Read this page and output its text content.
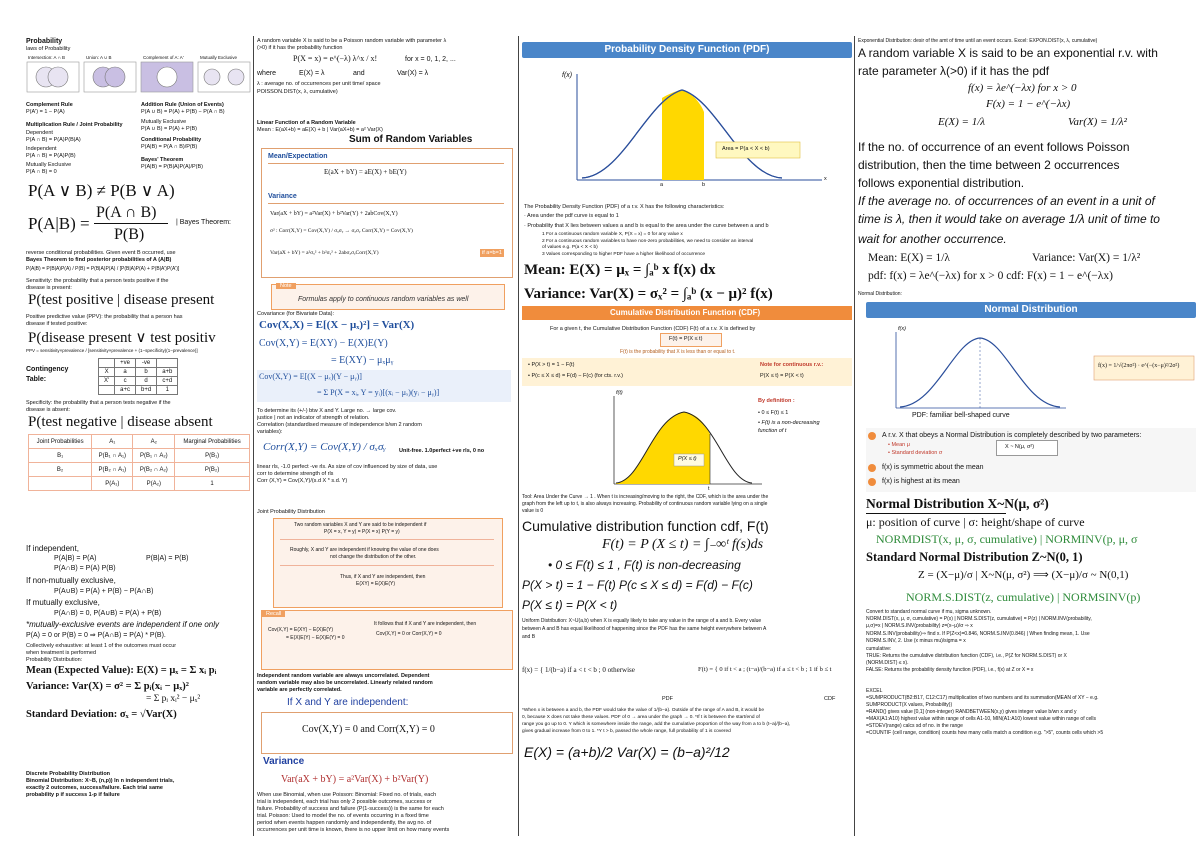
Probability
laws of Probability
Intersection: A ∩ B	Union: A ∪ B	Complement of A: A'	Mutually Exclusive
Complement Rule
P(A') = 1 − P(A)
Multiplication Rule / Joint Probability
Dependent
P(A ∩ B) = P(A)P(B|A)
Independent
P(A ∩ B) = P(A)P(B)
Mutually Exclusive
P(A ∩ B) = 0
Addition Rule (Union of Events)
P(A ∪ B) = P(A) + P(B) − P(A ∩ B)
Mutually Exclusive
P(A ∪ B) = P(A) + P(B)
Conditional Probability
P(A|B) = P(A ∩ B)/P(B)
Bayes' Theorem
P(A|B) = P(B|A)P(A)/P(B)
P(A ∨ B) ≠ P(B ∨ A)
P(A|B) =
P(A ∩ B)
P(B)
| Bayes Theorem:
reverse conditional probabilities. Given event B occurred, use
Bayes Theorem to find posterior probabilities of A (A|B)
P(A|B) = P(B|A)P(A) / P(B) = P(B|A)P(A) / [P(B|A)P(A) + P(B|A')P(A')]
Sensitivity: the probability that a person tests positive if the
disease is present:
P(test positive | disease present
Positive predictive value (PPV): the probability that a person has
disease if tested positive:
P(disease present ∨ test positiv
PPV = sensitivity×prevalence / [sensitivity×prevalence + (1−specificity)(1−prevalence)]
Contingency
Table:
	+ve	-ve	
X	a	b	a+b
X'	c	d	c+d
	a+c	b+d	1
Specificity: the probability that a person tests negative if the
disease is absent:
P(test negative | disease absent
Joint Probabilities	A₁	A₂	Marginal Probabilities
B₁	P(B₁ ∩ A₁)	P(B₁ ∩ A₂)	P(B₁)
B₂	P(B₂ ∩ A₁)	P(B₂ ∩ A₂)	P(B₂)
	P(A₁)	P(A₂)	1
If independent,
P(A|B) = P(A)	P(B|A) = P(B)
P(A∩B) = P(A) P(B)
If non-mutually exclusive,
P(A∪B) = P(A) + P(B) − P(A∩B)
If mutually exclusive,
P(A∩B) = 0, P(A∪B) = P(A) + P(B)
*mutually-exclusive events are independent if one only
P(A) = 0 or P(B) = 0 ⇒ P(A∩B) = P(A) * P(B).
Collectively exhaustive: at least 1 of the outcomes must occur
when treatment is performed
Probability Distribution:
Mean (Expected Value): E(X) = μₓ = Σ xᵢ pᵢ
Variance: Var(X) = σ² = Σ pᵢ(xᵢ − μₓ)²
= Σ pᵢ xᵢ² − μₓ²
Standard Deviation: σₓ = √Var(X)
Discrete Probability Distribution
Binomial Distribution: X~B, (n,p)) In n independent trials,
exactly 2 outcomes, success/failure. Each trial same
probability p if success 1-p if failure
A random variable X is said to be a Poisson random variable with parameter λ
(>0) if it has the probability function
P(X = x) = e^(−λ) λ^x / x!	for x = 0, 1, 2, ...
where	E(X) = λ	and	Var(X) = λ
λ : average no. of occurrences per unit time/ space
POISSON.DIST(x, λ, cumulative)
Linear Function of a Random Variable
Mean : E(aX+b) = aE(X) + b | Var(aX+b) = a² Var(X)
Sum of Random Variables
Mean/Expectation
E(aX + bY) = aE(X) + bE(Y)
Variance
Var(aX + bY) = a²Var(X) + b²Var(Y) + 2abCov(X,Y)
σ² : Corr(X,Y) = Cov(X,Y) / σₓσᵧ → σₓσᵧ Corr(X,Y) = Cov(X,Y)
Var(aX + bY) = a²σₓ² + b²σᵧ² + 2abσₓσᵧCorr(X,Y)	if a=b=1
Note
Formulas apply to continuous random variables as well
Covariance (for Bivariate Data):
Cov(X,X) = E[(X − μₓ)²] = Var(X)
Cov(X,Y) = E(XY) − E(X)E(Y)
= E(XY) − μₓμᵧ
Cov(X,Y) = E[(X − μₓ)(Y − μᵧ)]
= Σ P(X = xᵢ, Y = yᵢ)[(xᵢ − μₓ)(yᵢ − μᵧ)]
To determine its (+/-) btw X and Y. Large no. → large cov.
justice | not an indicator of strength of relation.
Correlation (standardised measure of independence b/wn 2 random
variables):
Corr(X,Y) = Cov(X,Y) / σₓσᵧ Unit-free. 1.0perfect +ve rls, 0 no
linear rls, -1.0 perfect -ve rls. As size of cov influenced by size of data, use
corr to determine strength of rls
Corr (X,Y) = Cov(X,Y)/(s.d X * s.d. Y)
Joint Probability Distribution
Two random variables X and Y are said to be independent if
P(X = x, Y = y) = P(X = x) P(Y = y)
Roughly, X and Y are independent if knowing the value of one does
not change the distribution of the other.
Thus, if X and Y are independent, then
E(XY) = E(X)E(Y)
Recall
Cov(X,Y) = E(XY) − E(X)E(Y)
= E(X)E(Y) − E(X)E(Y) = 0
It follows that if X and Y are independent, then
Cov(X,Y) = 0 or Corr(X,Y) = 0
Independent random variable are always uncorrelated. Dependent
random variable may also be uncorrelated. Linearly related random
variable are perfectly correlated.
If X and Y are independent:
Cov(X,Y) = 0 and Corr(X,Y) = 0
Variance
Var(aX + bY) = a²Var(X) + b²Var(Y)
When use Binomial, when use Poisson: Binomial: Fixed no. of trials, each
trial is independent, each trial has only 2 possible outcomes, success or
failure. Probability of success and failure (P(1-success)) is the same for each
trial. Poisson: Used to model the no. of events occurring in a fixed time
period when events happen randomly and independently, the avg no. of
occurrences per unit time is known, there is no upper limit on how many events
Probability Density Function (PDF)
f(x)
Area = P(a < X < b)
a	b
x
The Probability Density Function (PDF) of a r.v. X has the following characteristics:
· Area under the pdf curve is equal to 1
· Probability that X lies between values a and b is equal to the area under the curve between a and b
1 For a continuous random variable X, P(X = x) = 0 for any value x
2 For a continuous random variables to have non-zero probabilities, we need to consider an interval
of values e.g. P(a < X < b)
3 Values corresponding to higher PDF have a higher likelihood of occurrence
Mean: E(X) = μₓ = ∫ₐᵇ x f(x) dx
Variance: Var(X) = σₓ² = ∫ₐᵇ (x − μ)² f(x)
Cumulative Distribution Function (CDF)
For a given t, the Cumulative Distribution Function (CDF) F(t) of a r.v. X is defined by
F(t) = P(X ≤ t)
F(t) is the probability that X is less than or equal to t.
• P(X > t) = 1 − F(t)
• P(c ≤ X ≤ d) = F(d) − F(c) (for cts. r.v.)
Note for continuous r.v.:
P(X ≤ t) = P(X < t)
f(t)
P(X ≤ t)
t
By definition :
• 0 ≤ F(t) ≤ 1
• F(t) is a non-decreasing
function of t
Tool: Area Under the Curve → 1 . When t is increasing/moving to the right, the CDF, which is the area under the
graph from the left up to t, is also always increasing. Probability of continuous random variable lying on a single
value is 0
Cumulative distribution function cdf, F(t)
F(t) = P (X ≤ t) = ∫₋∞ᵗ f(s)ds
• 0 ≤ F(t) ≤ 1 , F(t) is non-decreasing
P(X > t) = 1 − F(t) P(c ≤ X ≤ d) = F(d) − F(c)
P(X ≤ t) = P(X < t)
Uniform Distribution: X~U(a,b) when X is equally likely to take any value in the range of a and b. Every value
between A and B has equal likelihood of happening since the PDF has the same height everywhere between A
and B
f(x) = { 1/(b−a) if a < t < b ; 0 otherwise	F(t) = { 0 if t < a ; (t−a)/(b−a) if a ≤ t < b ; 1 if b ≤ t
PDF	CDF
*When x is between a and b, the PDF would take the value of 1/(b−a). Outside of the range of A and B, it would be
0, because X does not take these values. PDF of 0 → area under the graph → 0. *If t is between the start/end of
range you go up to 0. Y which is somewhere inside the range, add the cumulative proportion of the way from a to b (t−a)/(b−a),
gives gradual increase from 0 to 1. *Y t > b, passed the whole range, full probability of 1 is covered
E(X) = (a+b)/2 Var(X) = (b−a)²/12
Exponential Distribution: desir of the amt of time until an event occurs. Excel: EXPON.DIST(x, λ, cumulative)
A random variable X is said to be an exponential r.v. with
rate parameter λ(>0) if it has the pdf
f(x) = λe^(−λx) for x > 0
F(x) = 1 − e^(−λx)
E(X) = 1/λ	Var(X) = 1/λ²
If the no. of occurrence of an event follows Poisson
distribution, then the time between 2 occurrences
follows exponential distribution.
If the average no. of occurrences of an event in a unit of
time is λ, then it would take on average 1/λ unit of time to
wait for another occurrence.
Mean: E(X) = 1/λ	Variance: Var(X) = 1/λ²
pdf: f(x) = λe^(−λx) for x > 0 cdf: F(x) = 1 − e^(−λx)
Normal Distribution:
Normal Distribution
f(x)
f(x) = 1/√(2πσ²) · e^(−(x−μ)²/2σ²)
PDF: familiar bell-shaped curve
A r.v. X that obeys a Normal Distribution is completely described by two parameters:
• Mean μ
• Standard deviation σ
X ~ N(μ, σ²)
f(x) is symmetric about the mean
f(x) is highest at its mean
Normal Distribution X~N(μ, σ²)
μ: position of curve | σ: height/shape of curve
NORMDIST(x, μ, σ, cumulative) | NORMINV(p, μ, σ
Standard Normal Distribution Z~N(0, 1)
Z = (X−μ)/σ | X~N(μ, σ²) ⟹ (X−μ)/σ ~ N(0,1)
NORM.S.DIST(z, cumulative) | NORMSINV(p)
Convert to standard normal curve if mu, sigma unknown.
NORM.DIST(x, μ, σ, cumulative) = P(x) | NORM.S.DIST(z, cumulative) = P(z) | NORM.INV(probability,
μ,σ)=x | NORM.S.INV(probability) z=(x−μ)/σ ⇒ x
NORM.S.INV(probability)⇒ find x. If P(Z<x)=0.846, NORM.S.INV(0.846) | When finding mean, 1. Use
NORM.S.INV, 2. Use (x minus mu)/sigma = x
cumulative:
TRUE: Returns the cumulative distribution function (CDF), i.e., P(Z for NORM.S.DIST) or X
(NORM.DIST) ≤ x).
FALSE: Returns the probability density function (PDF), i.e., f(x) at Z or X = x
EXCEL
=SUMPRODUCT(B2:B17, C12:C17) multiplication of two numbers and its summation(MEAN of XY − e.g.
SUMPRODUCT(X values, Probability))
=RAND() gives value [0,1] (non-integer) RANDBETWEEN(x,y) gives integer value b/wn x and y
=MAX(A1:A10) highest value within range of cells A1-10, MIN(A1:A10) lowest value within range of cells
=STDEV(range) calcs sd of no. in the range
=COUNTIF (cell range, condition) counts how many cells match a condition e.g. ">5", counts cells which >5
